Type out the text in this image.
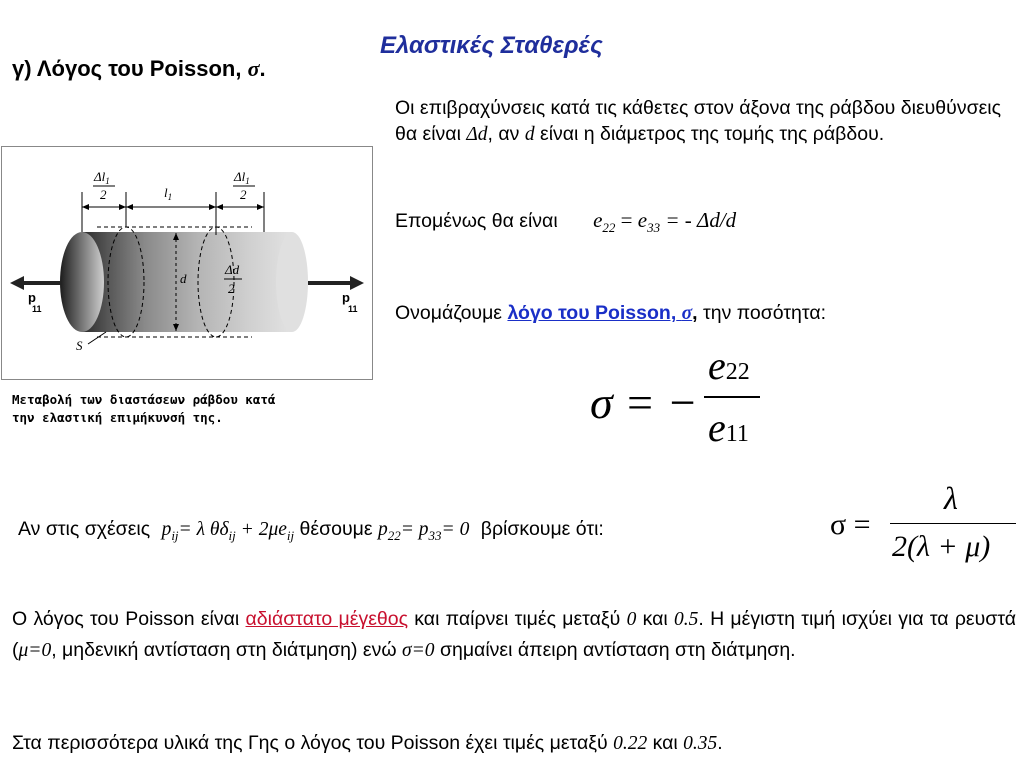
Ελαστικές Σταθερές
γ) Λόγος του Poisson, σ.
$\Delta l_1$
2	$l_1$
$\Delta l_1$
2
d
Δd
2
S
p 11
p 11
Μεταβολή των διαστάσεων ράβδου κατά
την ελαστική επιμήκυνσή της.
Οι επιβραχύνσεις κατά τις κάθετες στον άξονα της ράβδου διευθύνσεις θα είναι Δd, αν d είναι η διάμετρος της τομής της ράβδου.
Επομένως θα είναι $e_{22} = e_{33}$ = - Δd/d
Ονομάζουμε λόγο του Poisson, σ, την ποσότητα:
σ = −
e22
e11
Αν στις σχέσεις $p_{ij}= \lambda$ $\theta\delta_{ij} + 2\mu e_{ij}$ θέσουμε $p_{22}= p_{33}= 0$ βρίσκουμε ότι:	σ =
λ
2(λ + μ)
Ο λόγος του Poisson είναι αδιάστατο μέγεθος και παίρνει τιμές μεταξύ 0 και 0.5. Η μέγιστη τιμή ισχύει για τα ρευστά (μ=0, μηδενική αντίσταση στη διάτμηση) ενώ σ=0 σημαίνει άπειρη αντίσταση στη διάτμηση.
Στα περισσότερα υλικά της Γης ο λόγος του Poisson έχει τιμές μεταξύ 0.22 και 0.35.
